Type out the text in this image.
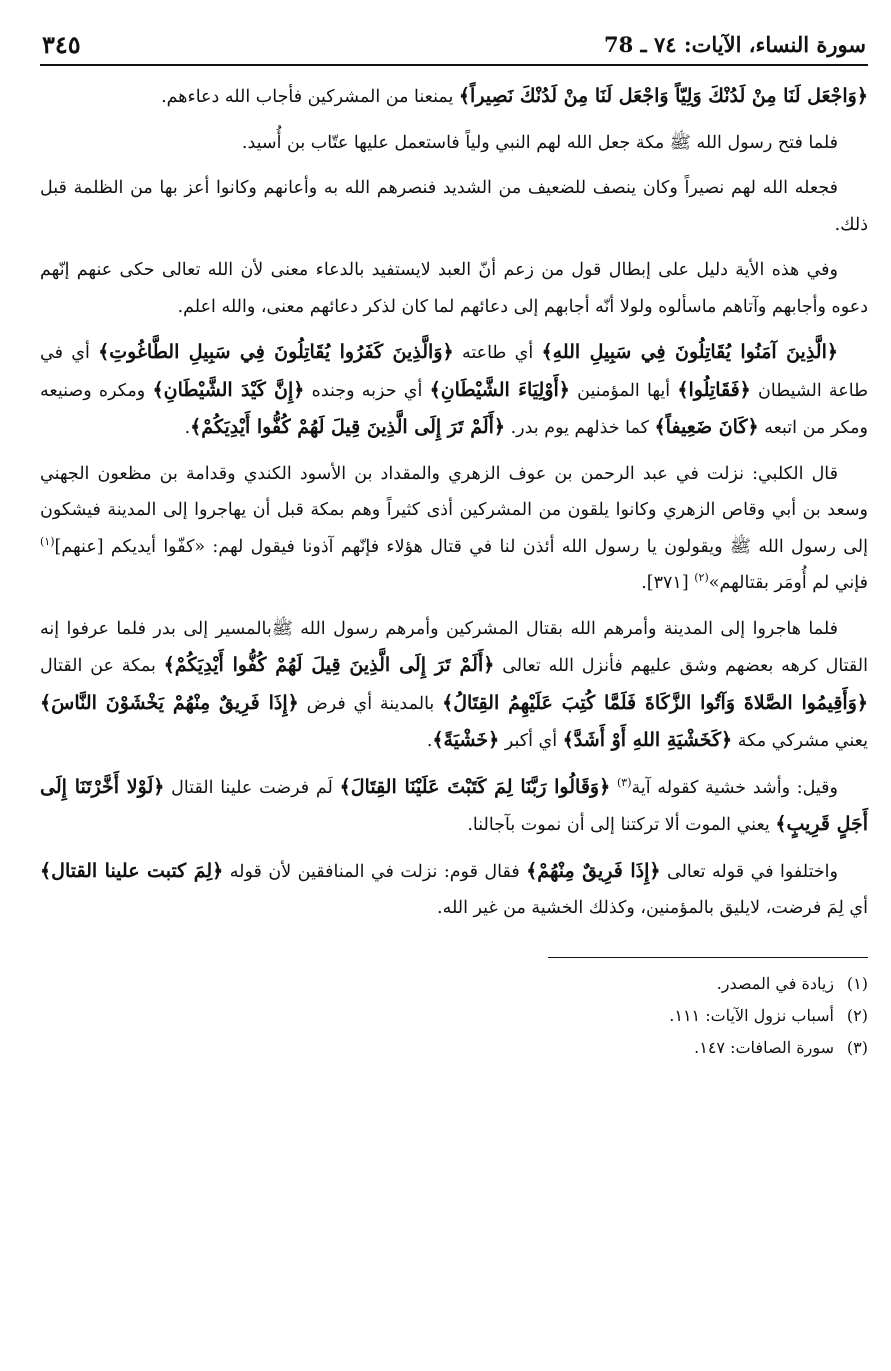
سورة النساء، الآيات: ٧٤ ـ 78
٣٤٥

﴿وَاجْعَل لَنَا مِنْ لَدُنْكَ وَلِيّاً وَاجْعَل لَنَا مِنْ لَدُنْكَ نَصِيراً﴾ يمنعنا من المشركين فأجاب الله دعاءهم.

فلما فتح رسول الله ﷺ مكة جعل الله لهم النبي ولياً فاستعمل عليها عتّاب بن أُسيد.

فجعله الله لهم نصيراً وكان ينصف للضعيف من الشديد فنصرهم الله به وأعانهم وكانوا أعز بها من الظلمة قبل ذلك.

وفي هذه الأية دليل على إبطال قول من زعم أنّ العبد لايستفيد بالدعاء معنى لأن الله تعالى حكى عنهم إنّهم دعوه وأجابهم وآتاهم ماسألوه ولولا أنّه أجابهم إلى دعائهم لما كان لذكر دعائهم معنى، والله اعلم.

﴿الَّذِينَ آمَنُوا يُقَاتِلُونَ فِي سَبِيلِ اللهِ﴾ أي طاعته ﴿وَالَّذِينَ كَفَرُوا يُقَاتِلُونَ فِي سَبِيلِ الطَّاغُوتِ﴾ أي في طاعة الشيطان ﴿فَقَاتِلُوا﴾ أيها المؤمنين ﴿أَوْلِيَاءَ الشَّيْطَانِ﴾ أي حزبه وجنده ﴿إِنَّ كَيْدَ الشَّيْطَانِ﴾ ومكره وصنيعه ومكر من اتبعه ﴿كَانَ ضَعِيفاً﴾ كما خذلهم يوم بدر. ﴿أَلَمْ تَرَ إِلَى الَّذِينَ قِيلَ لَهُمْ كُفُّوا أَيْدِيَكُمْ﴾.

قال الكلبي: نزلت في عبد الرحمن بن عوف الزهري والمقداد بن الأسود الكندي وقدامة بن مظعون الجهني وسعد بن أبي وقاص الزهري وكانوا يلقون من المشركين أذى كثيراً وهم بمكة قبل أن يهاجروا إلى المدينة فيشكون إلى رسول الله ﷺ ويقولون يا رسول الله أئذن لنا في قتال هؤلاء فإنّهم آذونا فيقول لهم: «كفّوا أيديكم [عنهم]$^{(١)}$ فإني لم أُومَر بقتالهم»$^{(٢)}$ [٣٧١].

فلما هاجروا إلى المدينة وأمرهم الله بقتال المشركين وأمرهم رسول الله ﷺبالمسير إلى بدر فلما عرفوا إنه القتال كرهه بعضهم وشق عليهم فأنزل الله تعالى ﴿أَلَمْ تَرَ إِلَى الَّذِينَ قِيلَ لَهُمْ كُفُّوا أَيْدِيَكُمْ﴾ بمكة عن القتال ﴿وَأَقِيمُوا الصَّلاةَ وَآتُوا الزَّكَاةَ فَلَمَّا كُتِبَ عَلَيْهِمُ القِتَالُ﴾ بالمدينة أي فرض ﴿إِذَا فَرِيقٌ مِنْهُمْ يَخْشَوْنَ النَّاسَ﴾ يعني مشركي مكة ﴿كَخَشْيَةِ اللهِ أَوْ أَشَدَّ﴾ أي أكبر ﴿خَشْيَةً﴾.

وقيل: وأشد خشية كقوله آية$^{(٣)}$ ﴿وَقَالُوا رَبَّنَا لِمَ كَتَبْتَ عَلَيْنَا القِتَالَ﴾ لَم فرضت علينا القتال ﴿لَوْلا أَخَّرْتَنَا إِلَى أَجَلٍ قَرِيبٍ﴾ يعني الموت ألا تركتنا إلى أن نموت بآجالنا.

واختلفوا في قوله تعالى ﴿إِذَا فَرِيقٌ مِنْهُمْ﴾ فقال قوم: نزلت في المنافقين لأن قوله ﴿لِمَ كتبت علينا القتال﴾ أي لِمَ فرضت، لايليق بالمؤمنين، وكذلك الخشية من غير الله.

(١)زيادة في المصدر.

(٢)أسباب نزول الآيات: ١١١.

(٣)سورة الصافات: ١٤٧.
